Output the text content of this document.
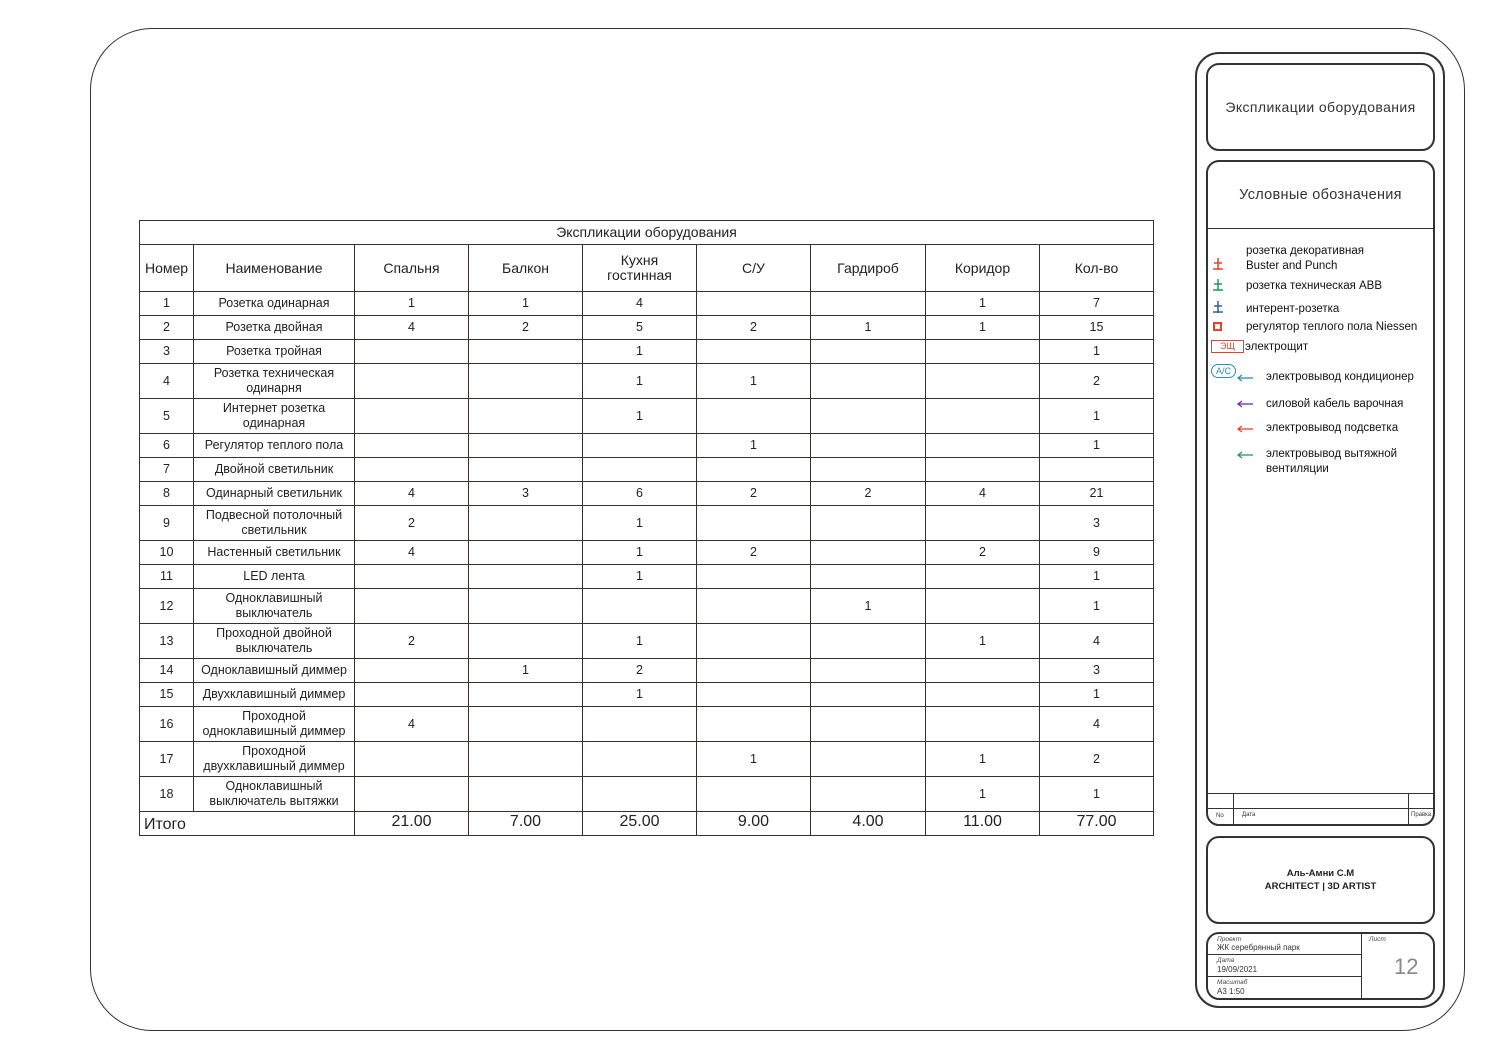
Экспликации оборудования								
Номер	Наименование	Спальня	Балкон	Кухня гостинная	С/У	Гардироб	Коридор	Кол-во
1	Розетка одинарная	1	1	4			1	7
2	Розетка двойная	4	2	5	2	1	1	15
3	Розетка тройная			1				1
4	Розетка техническая одинарня			1	1			2
5	Интернет розетка одинарная			1				1
6	Регулятор теплого пола				1			1
7	Двойной светильник							
8	Одинарный светильник	4	3	6	2	2	4	21
9	Подвесной потолочный светильник	2		1				3
10	Настенный светильник	4		1	2		2	9
11	LED лента			1				1
12	Одноклавишный выключатель					1		1
13	Проходной двойной выключатель	2		1			1	4
14	Одноклавишный диммер		1	2				3
15	Двухклавишный диммер			1				1
16	Проходной одноклавишный диммер	4						4
17	Проходной двухклавишный диммер				1		1	2
18	Одноклавишный выключатель вытяжки						1	1
Итого		21.00	7.00	25.00	9.00	4.00	11.00	77.00
Экспликации оборудования
Условные обозначения
розетка декоративная
Buster and Punch
розетка техническая ABB
интерент-розетка
регулятор теплого пола Niessen
ЭЩ электрощит
A/C	электровывод кондиционер
силовой кабель варочная
электровывод подсветка
электровывод вытяжной
вентиляции
No	Дата	Правка
Аль-Амни С.М
ARCHITECT | 3D ARTIST
Проект
ЖК серебрянный парк
Дата
19/09/2021
Масштаб
А3 1:50
Лист
12
